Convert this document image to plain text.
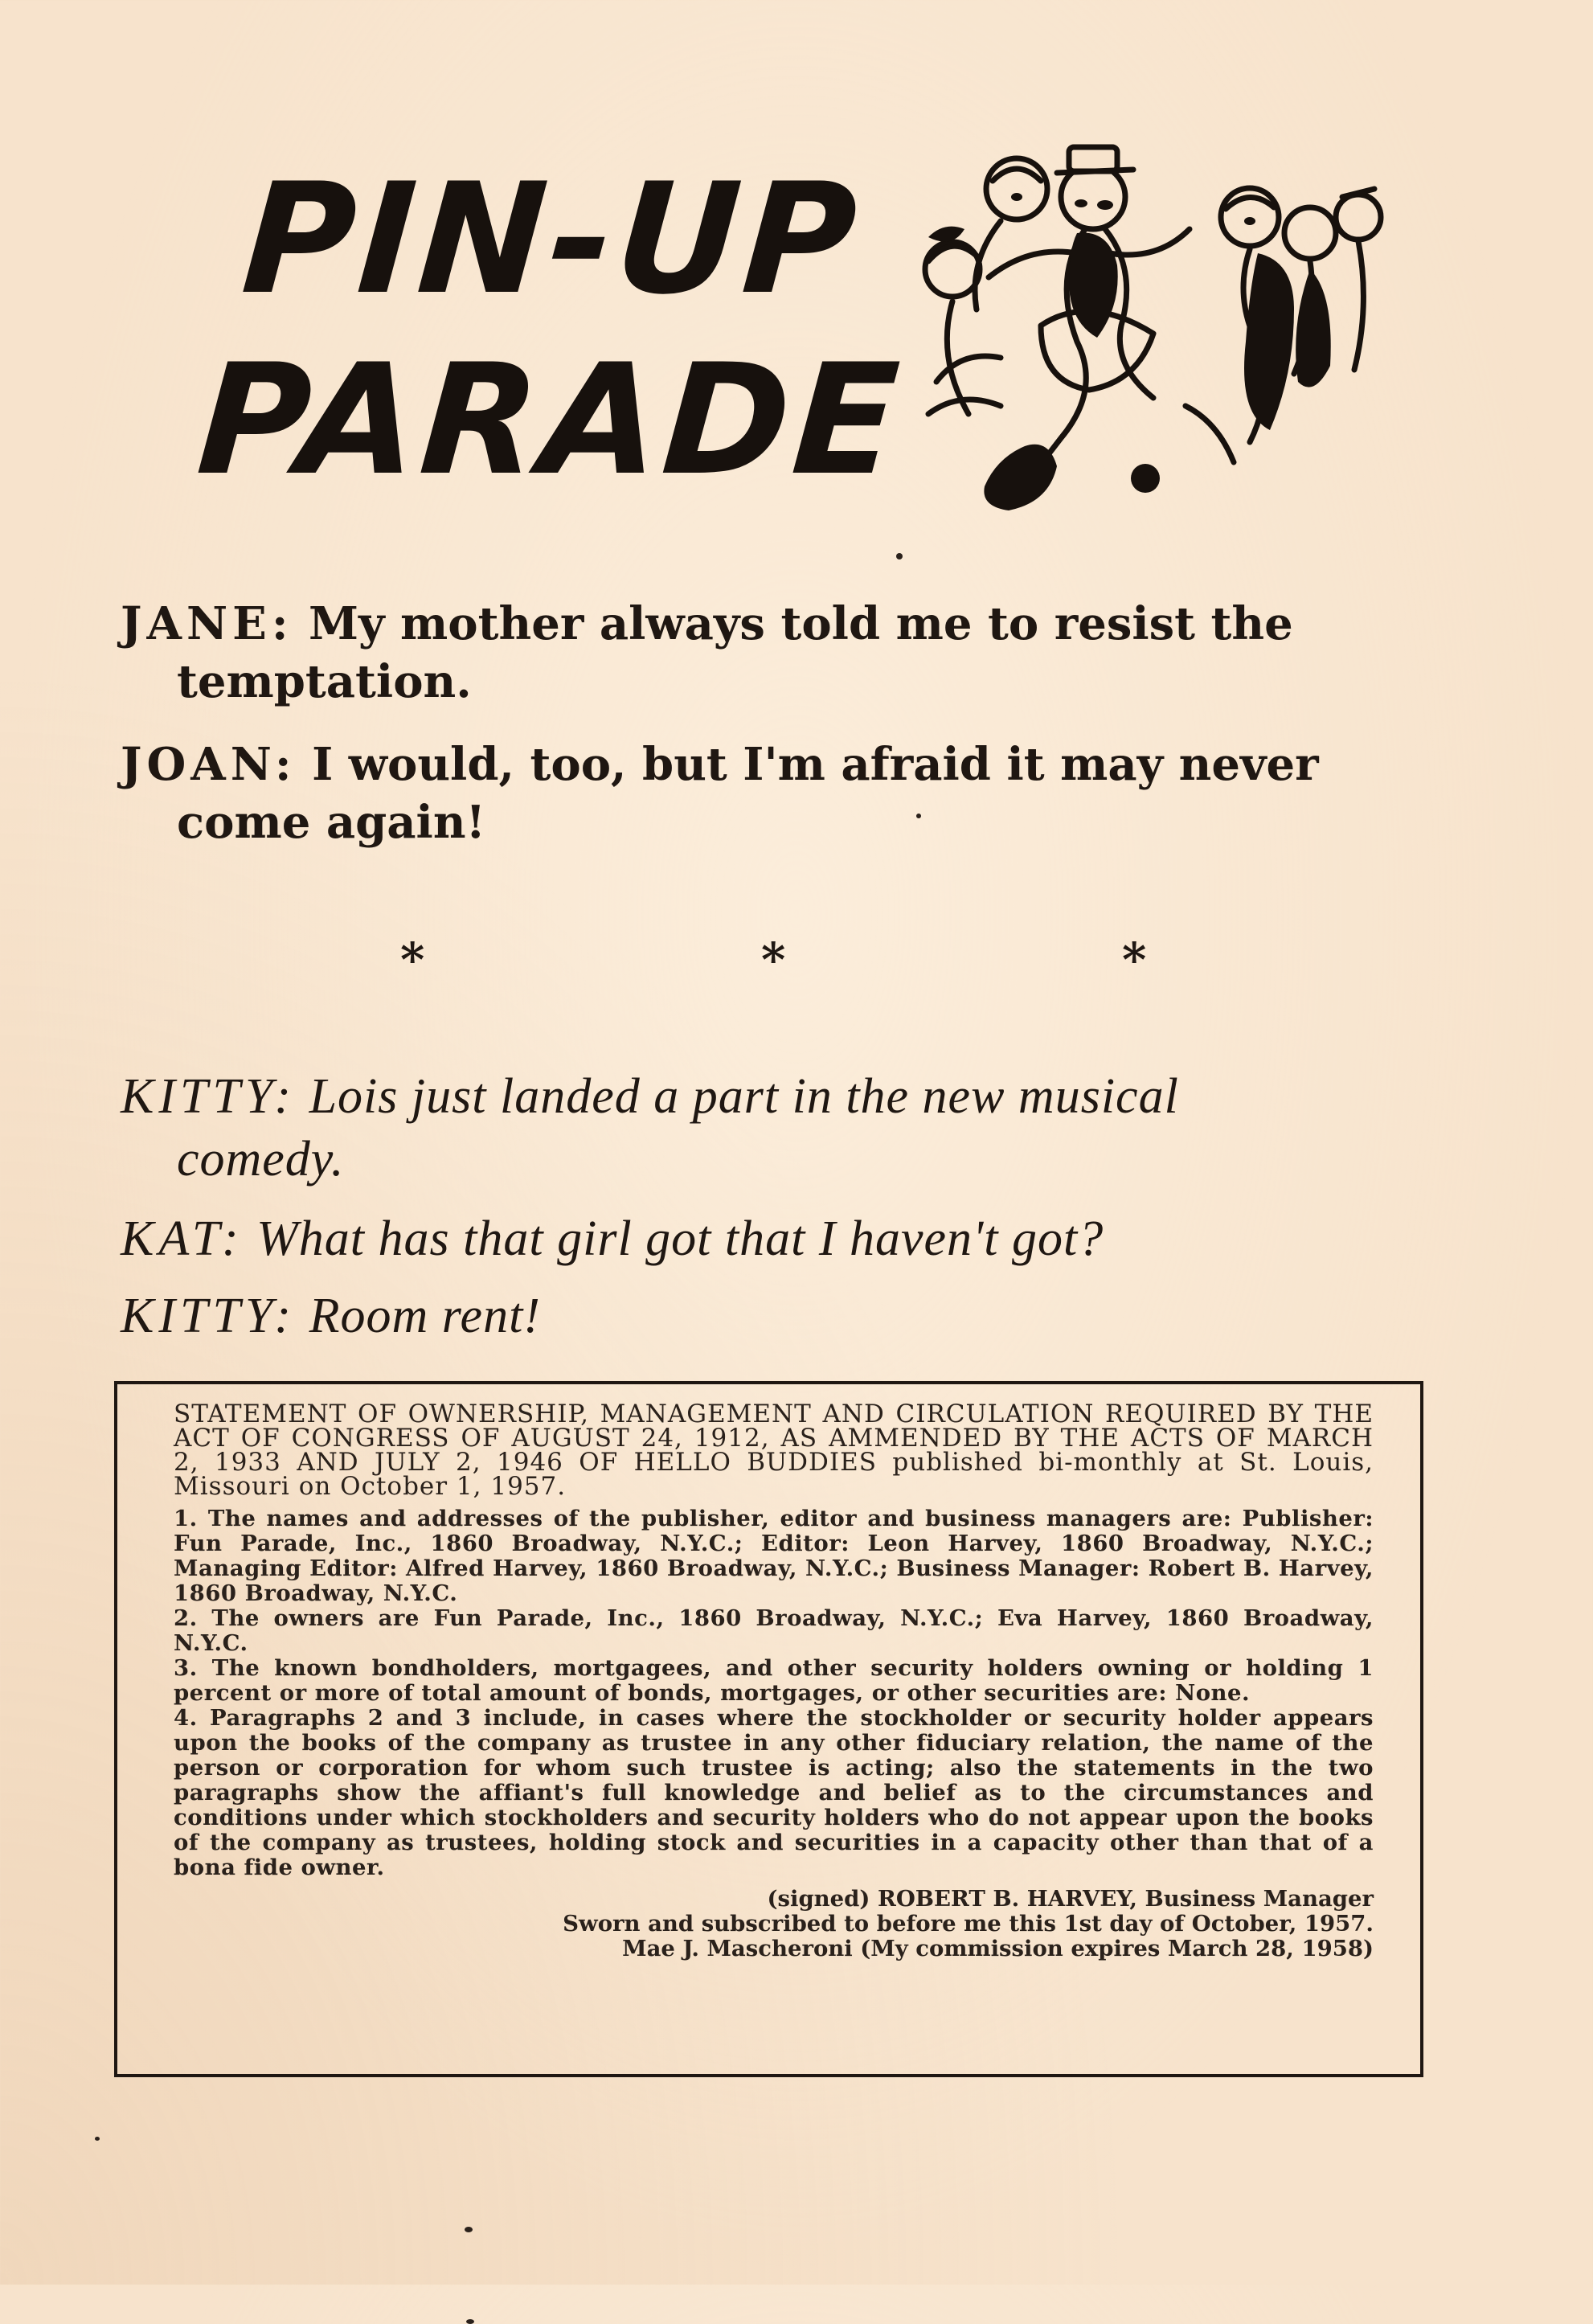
PIN-UP
PARADE

JANE: My mother always told me to resist the
temptation.

JOAN: I would, too, but I'm afraid it may never
come again!

*	*	*

KITTY: Lois just landed a part in the new musical
comedy.

KAT: What has that girl got that I haven't got?

KITTY: Room rent!

STATEMENT OF OWNERSHIP, MANAGEMENT AND CIRCULATION REQUIRED BY THE ACT OF CONGRESS OF AUGUST 24, 1912, AS AMMENDED BY THE ACTS OF MARCH 2, 1933 AND JULY 2, 1946 OF HELLO BUDDIES published bi-monthly at St. Louis, Missouri on October 1, 1957.

1. The names and addresses of the publisher, editor and business managers are: Publisher: Fun Parade, Inc., 1860 Broadway, N.Y.C.; Editor: Leon Harvey, 1860 Broadway, N.Y.C.; Managing Editor: Alfred Harvey, 1860 Broadway, N.Y.C.; Business Manager: Robert B. Harvey, 1860 Broadway, N.Y.C.

2. The owners are Fun Parade, Inc., 1860 Broadway, N.Y.C.; Eva Harvey, 1860 Broadway, N.Y.C.

3. The known bondholders, mortgagees, and other security holders owning or holding 1 percent or more of total amount of bonds, mortgages, or other securities are: None.

4. Paragraphs 2 and 3 include, in cases where the stockholder or security holder appears upon the books of the company as trustee in any other fiduciary relation, the name of the person or corporation for whom such trustee is acting; also the statements in the two paragraphs show the affiant's full knowledge and belief as to the circumstances and conditions under which stockholders and security holders who do not appear upon the books of the company as trustees, holding stock and securities in a capacity other than that of a bona fide owner.

(signed) ROBERT B. HARVEY, Business Manager
Sworn and subscribed to before me this 1st day of October, 1957.
Mae J. Mascheroni (My commission expires March 28, 1958)
